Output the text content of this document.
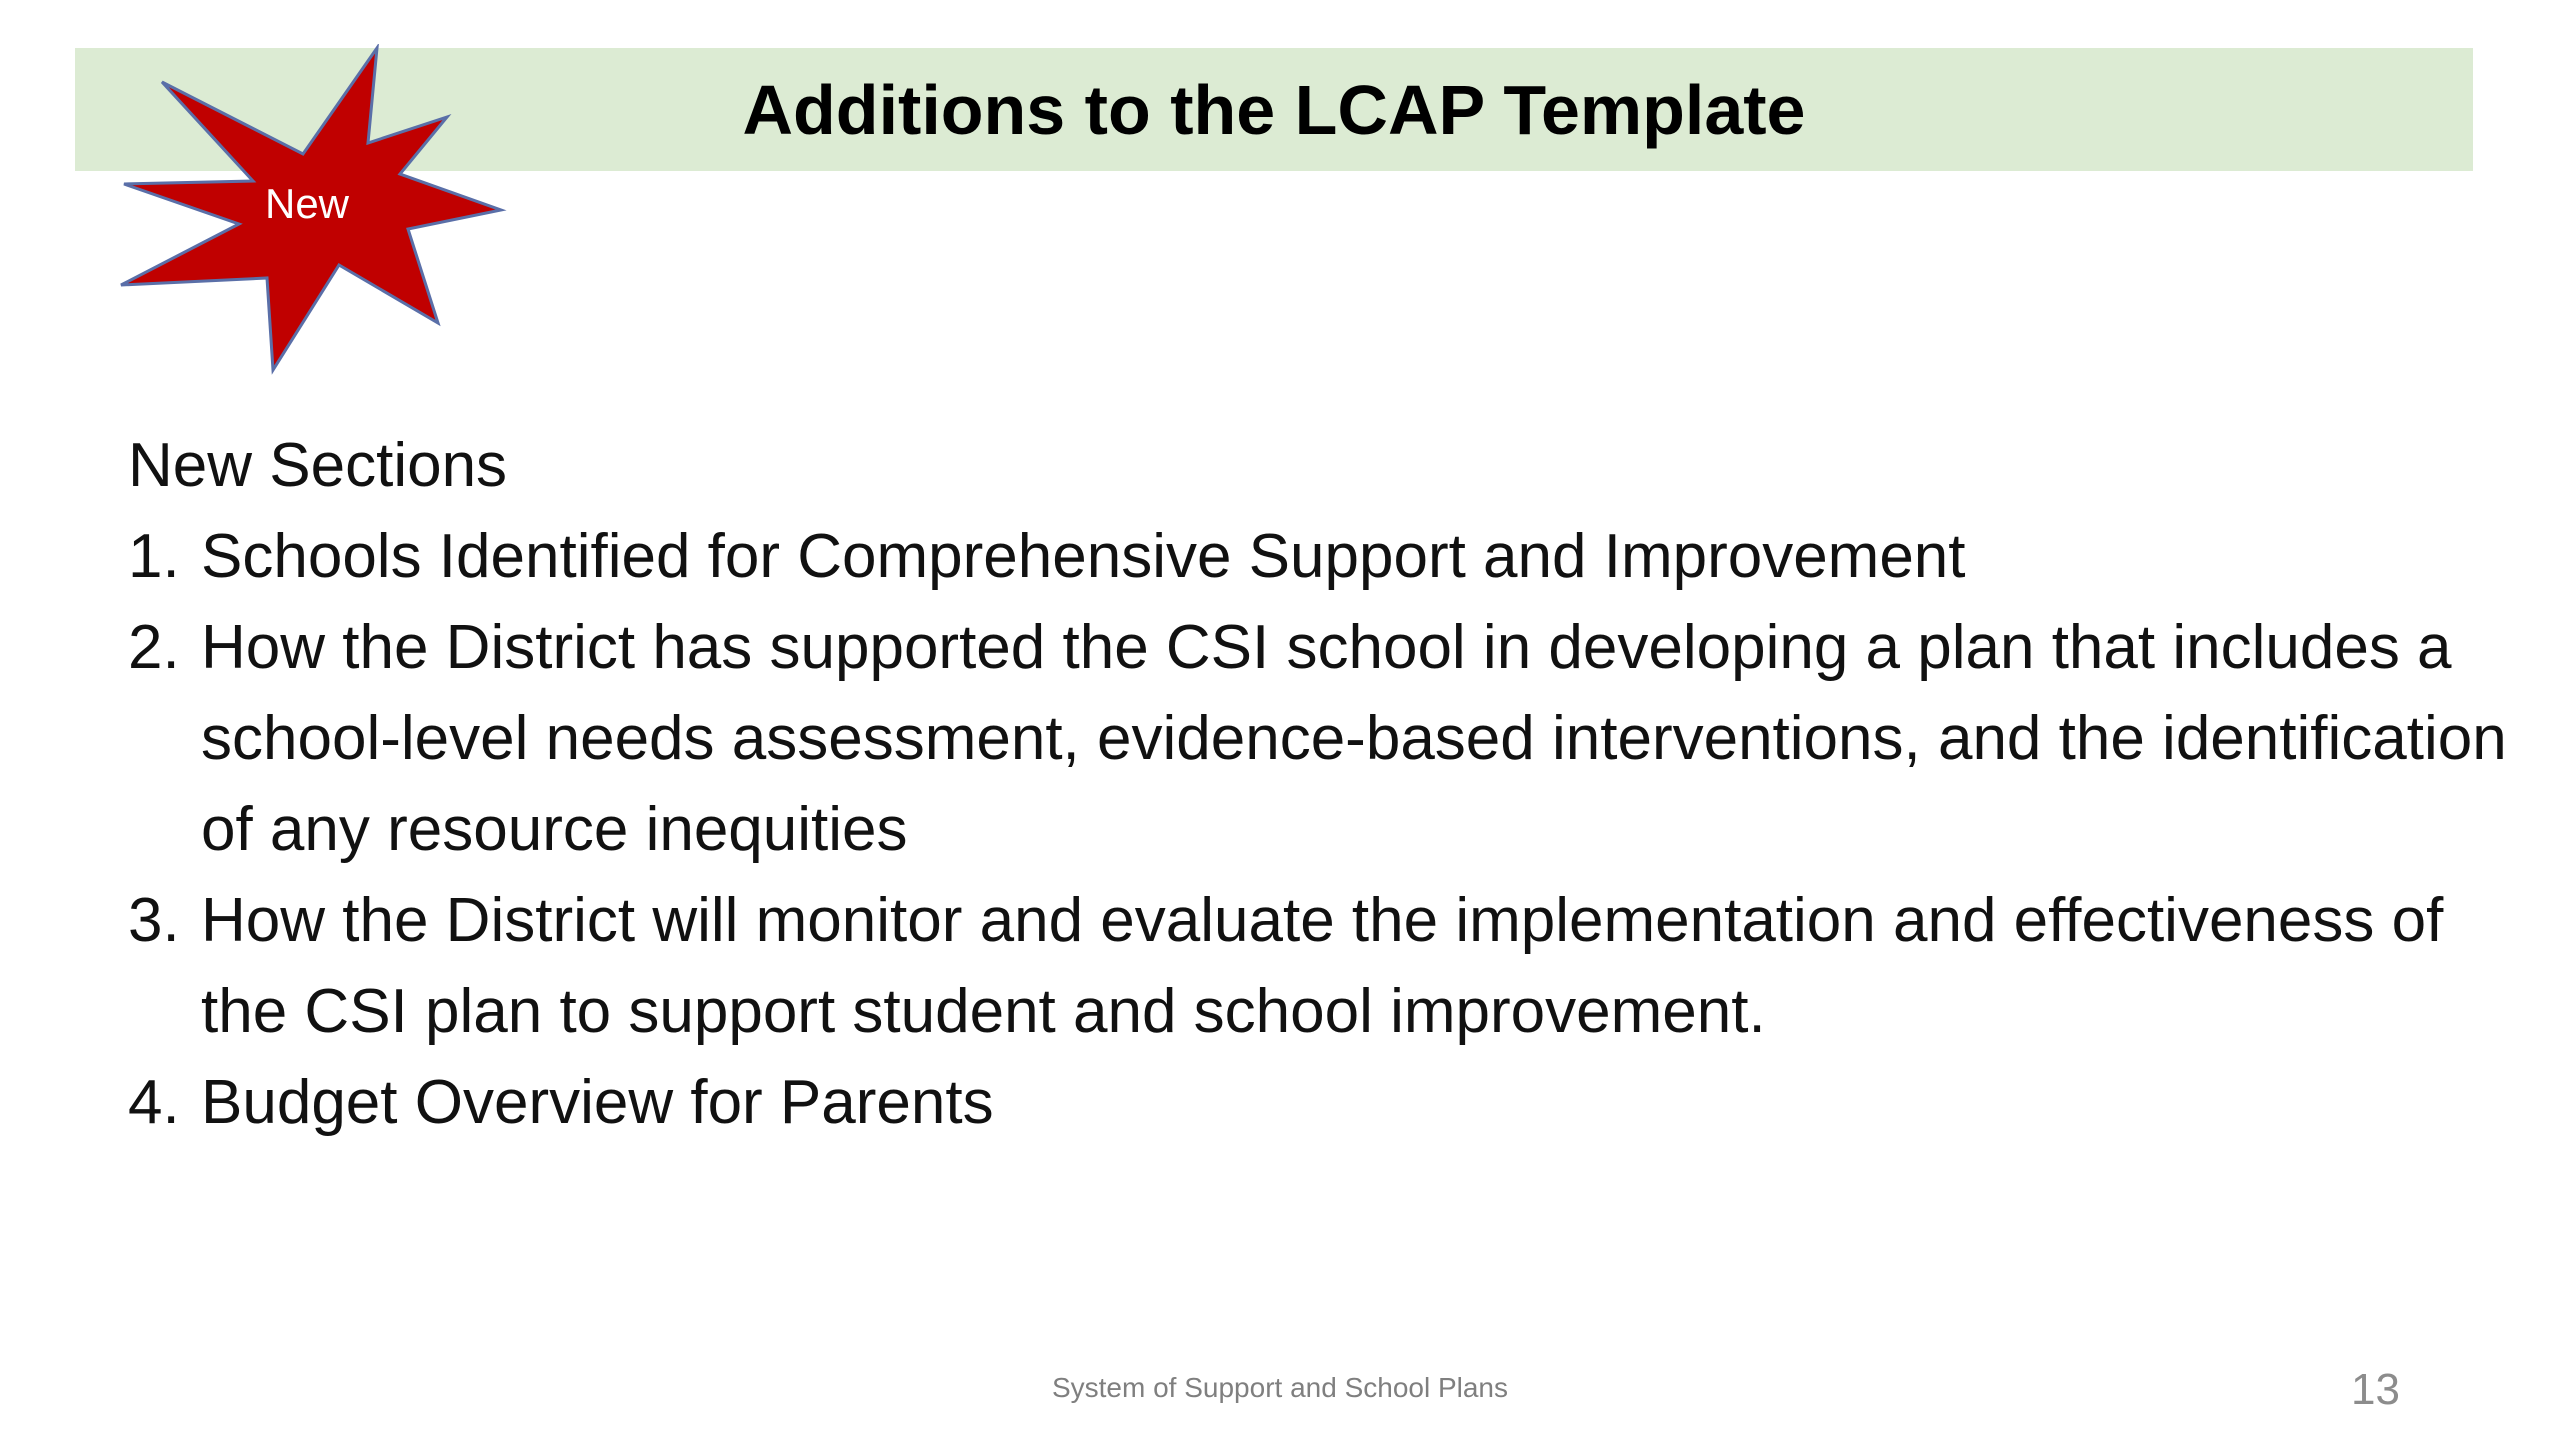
Additions to the LCAP Template
New

New Sections

1. Schools Identified for Comprehensive Support and Improvement
2. How the District has supported the CSI school in developing a plan that includes a school-level needs assessment, evidence-based interventions, and the identification of any resource inequities
3. How the District will monitor and evaluate the implementation and effectiveness of the CSI plan to support student and school improvement.
4. Budget Overview for Parents
System of Support and School Plans	13
